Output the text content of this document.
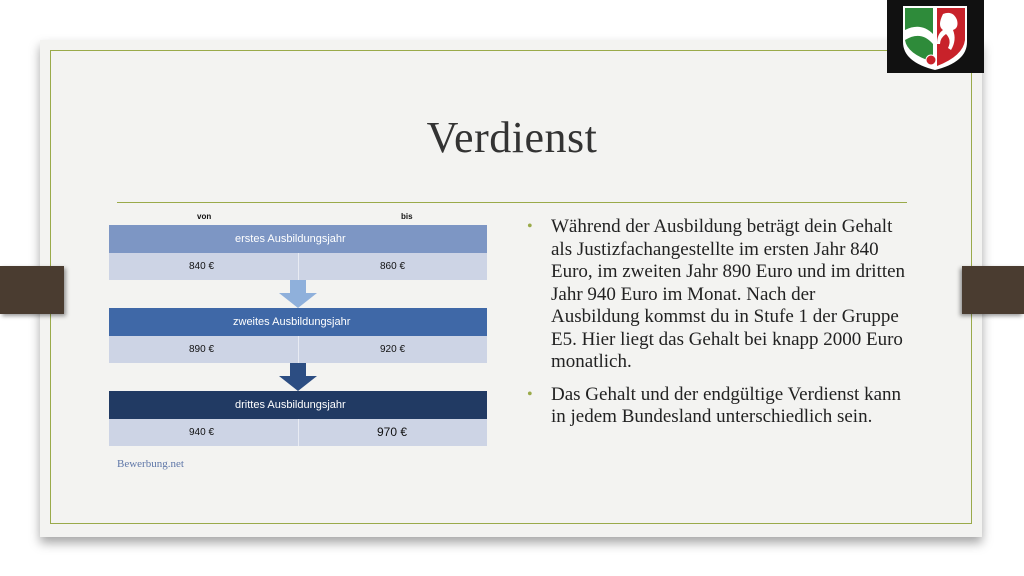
Verdienst
von	bis
erstes Ausbildungsjahr
840 €	860 €
zweites Ausbildungsjahr
890 €	920 €
drittes Ausbildungsjahr
940 €	970 €
Bewerbung.net
• Während der Ausbildung beträgt dein Gehalt als Justizfachangestellte im ersten Jahr 840 Euro, im zweiten Jahr 890 Euro und im dritten Jahr 940 Euro im Monat. Nach der Ausbildung kommst du in Stufe 1 der Gruppe E5. Hier liegt das Gehalt bei knapp 2000 Euro monatlich.
• Das Gehalt und der endgültige Verdienst kann in jedem Bundesland unterschiedlich sein.
